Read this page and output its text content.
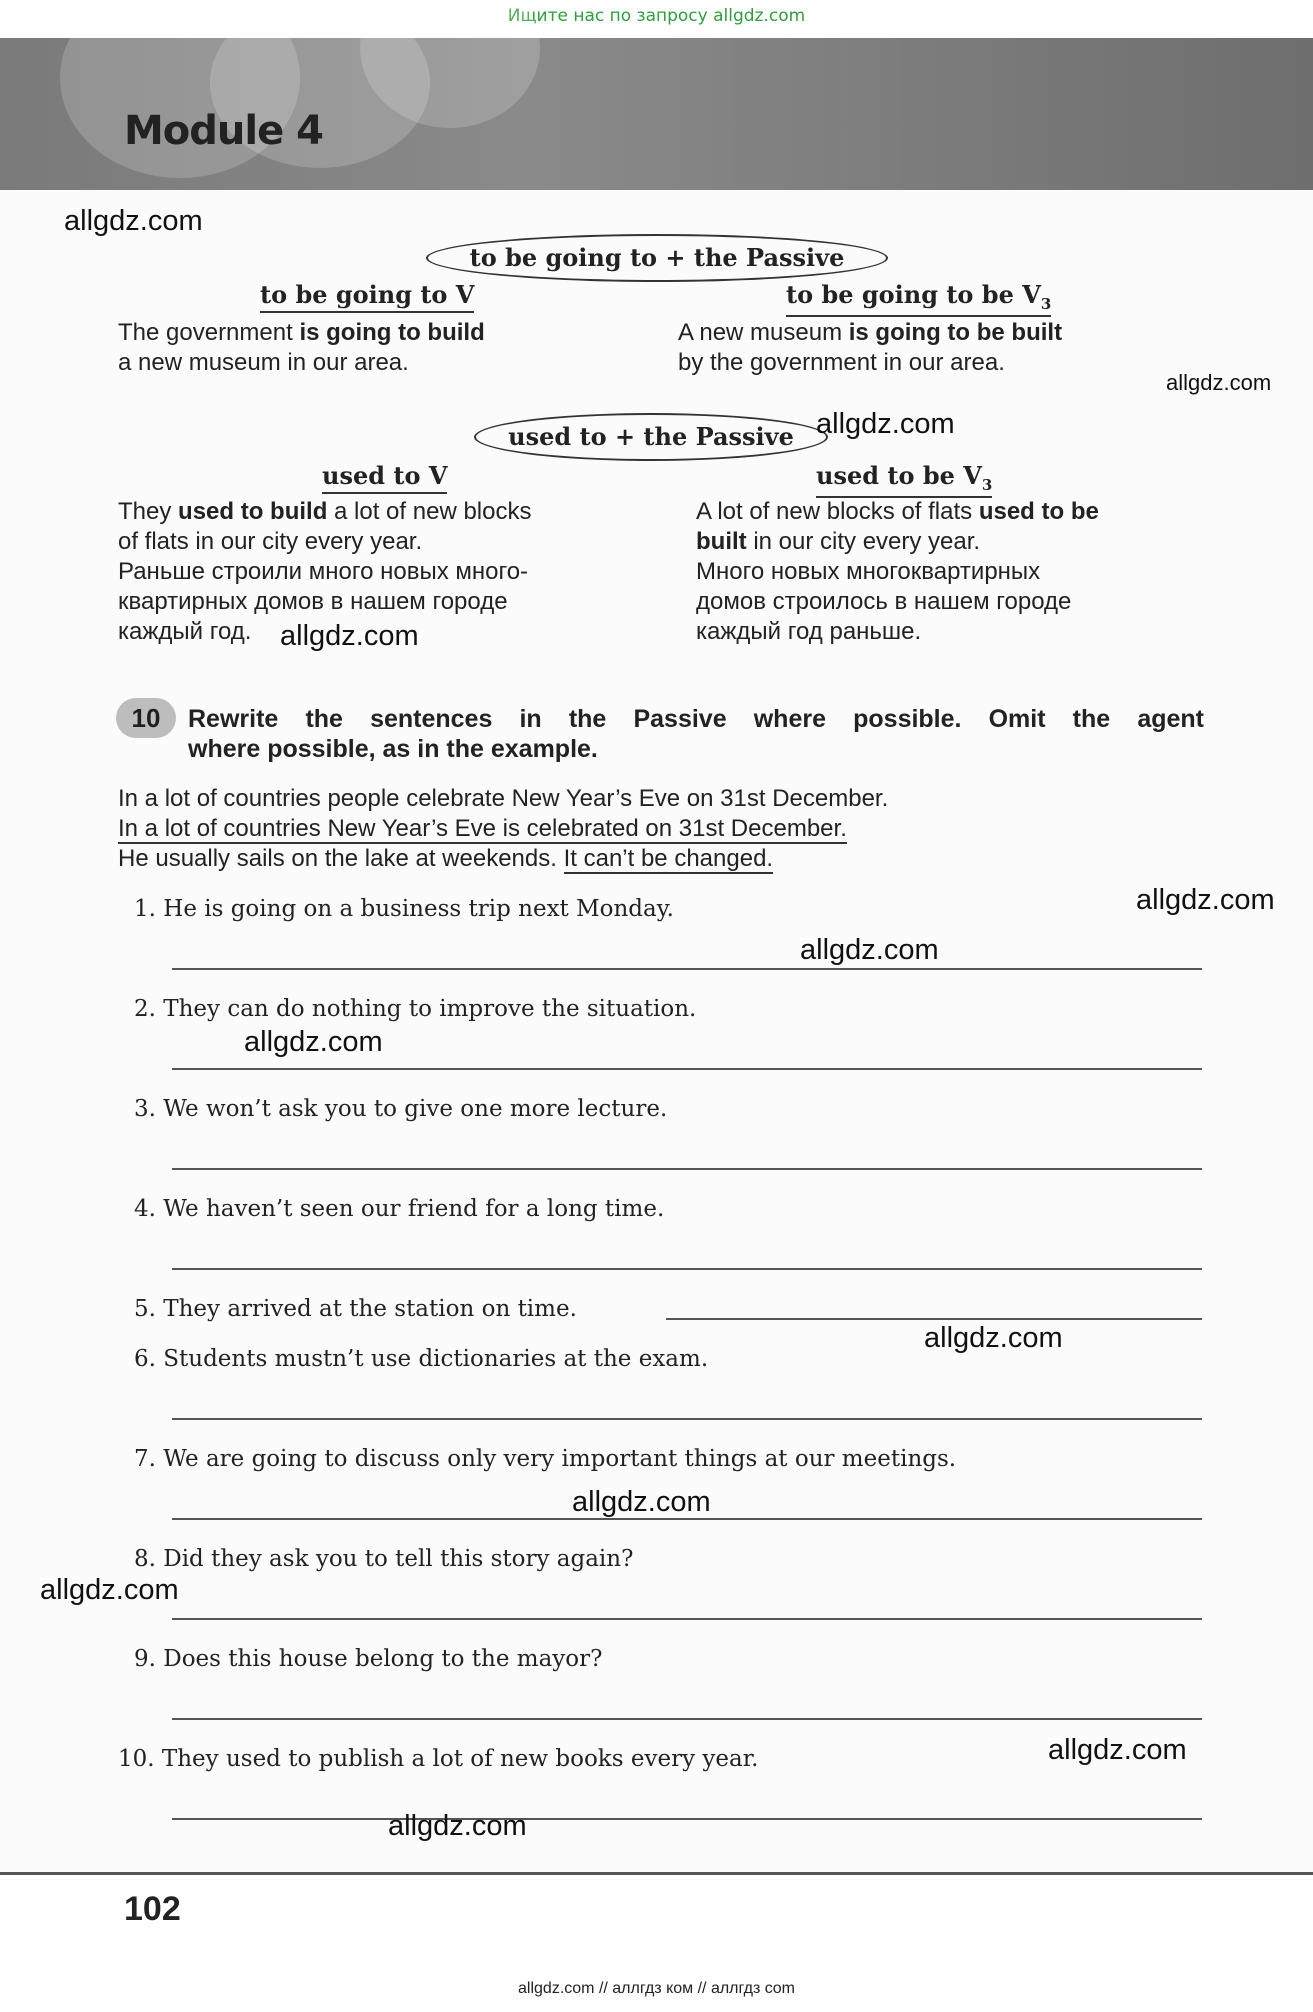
Ищите нас по запросу allgdz.com
Module 4
to be going to + the Passive
to be going to V	to be going to be $V_3$
The government is going to build
a new museum in our area.
A new museum is going to be built
by the government in our area.
used to + the Passive
used to V	used to be $V_3$
They used to build a lot of new blocks
of flats in our city every year.
Раньше строили много новых много-
квартирных домов в нашем городе
каждый год.
A lot of new blocks of flats used to be
built in our city every year.
Много новых многоквартирных
домов строилось в нашем городе
каждый год раньше.
10	Rewrite the sentences in the Passive where possible. Omit the agent
where possible, as in the example.
In a lot of countries people celebrate New Year’s Eve on 31st December.
In a lot of countries New Year’s Eve is celebrated on 31st December.
He usually sails on the lake at weekends. It can’t be changed.
1. He is going on a business trip next Monday.
2. They can do nothing to improve the situation.
3. We won’t ask you to give one more lecture.
4. We haven’t seen our friend for a long time.
5. They arrived at the station on time.
6. Students mustn’t use dictionaries at the exam.
7. We are going to discuss only very important things at our meetings.
8. Did they ask you to tell this story again?
9. Does this house belong to the mayor?
10. They used to publish a lot of new books every year.
allgdz.com
allgdz.com
allgdz.com
allgdz.com
allgdz.com
allgdz.com
allgdz.com
allgdz.com
allgdz.com
allgdz.com
allgdz.com
allgdz.com
102
allgdz.com // аллгдз ком // аллгдз com
